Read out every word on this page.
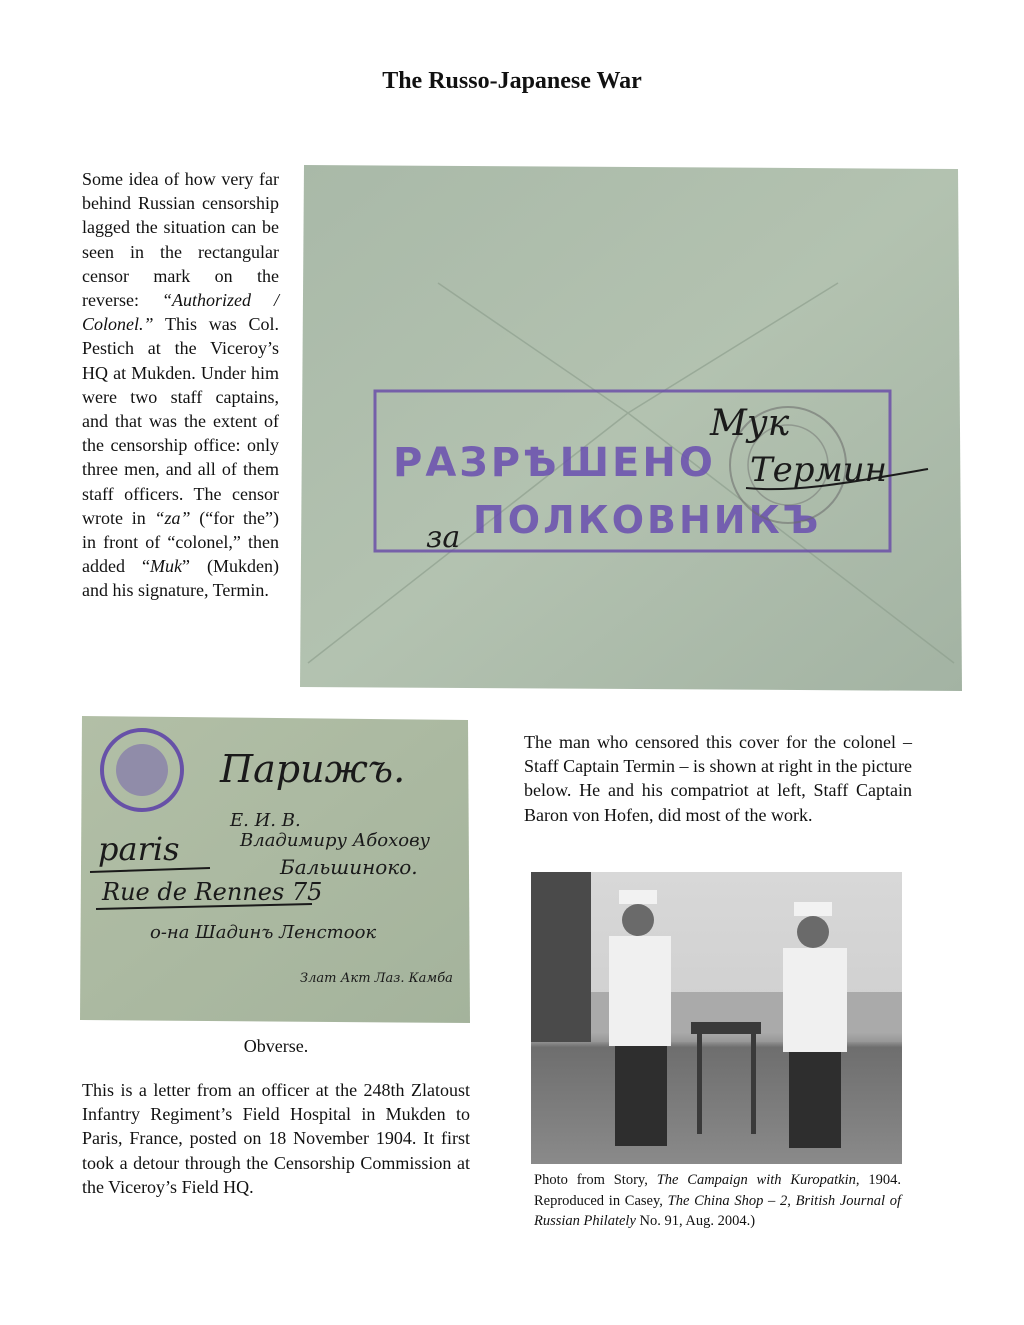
The Russo-Japanese War
Some idea of how very far behind Russian censorship lagged the situation can be seen in the rectangular censor mark on the reverse: “Authorized / Colonel.” This was Col. Pestich at the Viceroy’s HQ at Mukden. Under him were two staff captains, and that was the extent of the censorship office: only three men, and all of them staff officers. The censor wrote in “za” (“for the”) in front of “colonel,” then added “Muk” (Mukden) and his signature, Termin.
РАЗРѢШЕНО
ПОЛКОВНИКЪ
за
Мук
Термин
Парижъ.
Е. И. В.
Владимиру Абохову
Бальшиноко.
paris
Rue de Rennes 75
о-на Шадинъ Ленстоок
Злат Акт Лаз. Камба
Obverse.
The man who censored this cover for the colonel – Staff Captain Termin – is shown at right in the picture below. He and his compatriot at left, Staff Captain Baron von Hofen, did most of the work.
This is a letter from an officer at the 248th Zlatoust Infantry Regiment’s Field Hospital in Mukden to Paris, France, posted on 18 November 1904. It first took a detour through the Censorship Commission at the Viceroy’s Field HQ.	Photo from Story, The Campaign with Kuropatkin, 1904. Reproduced in Casey, The China Shop – 2, British Journal of Russian Philately No. 91, Aug. 2004.)
